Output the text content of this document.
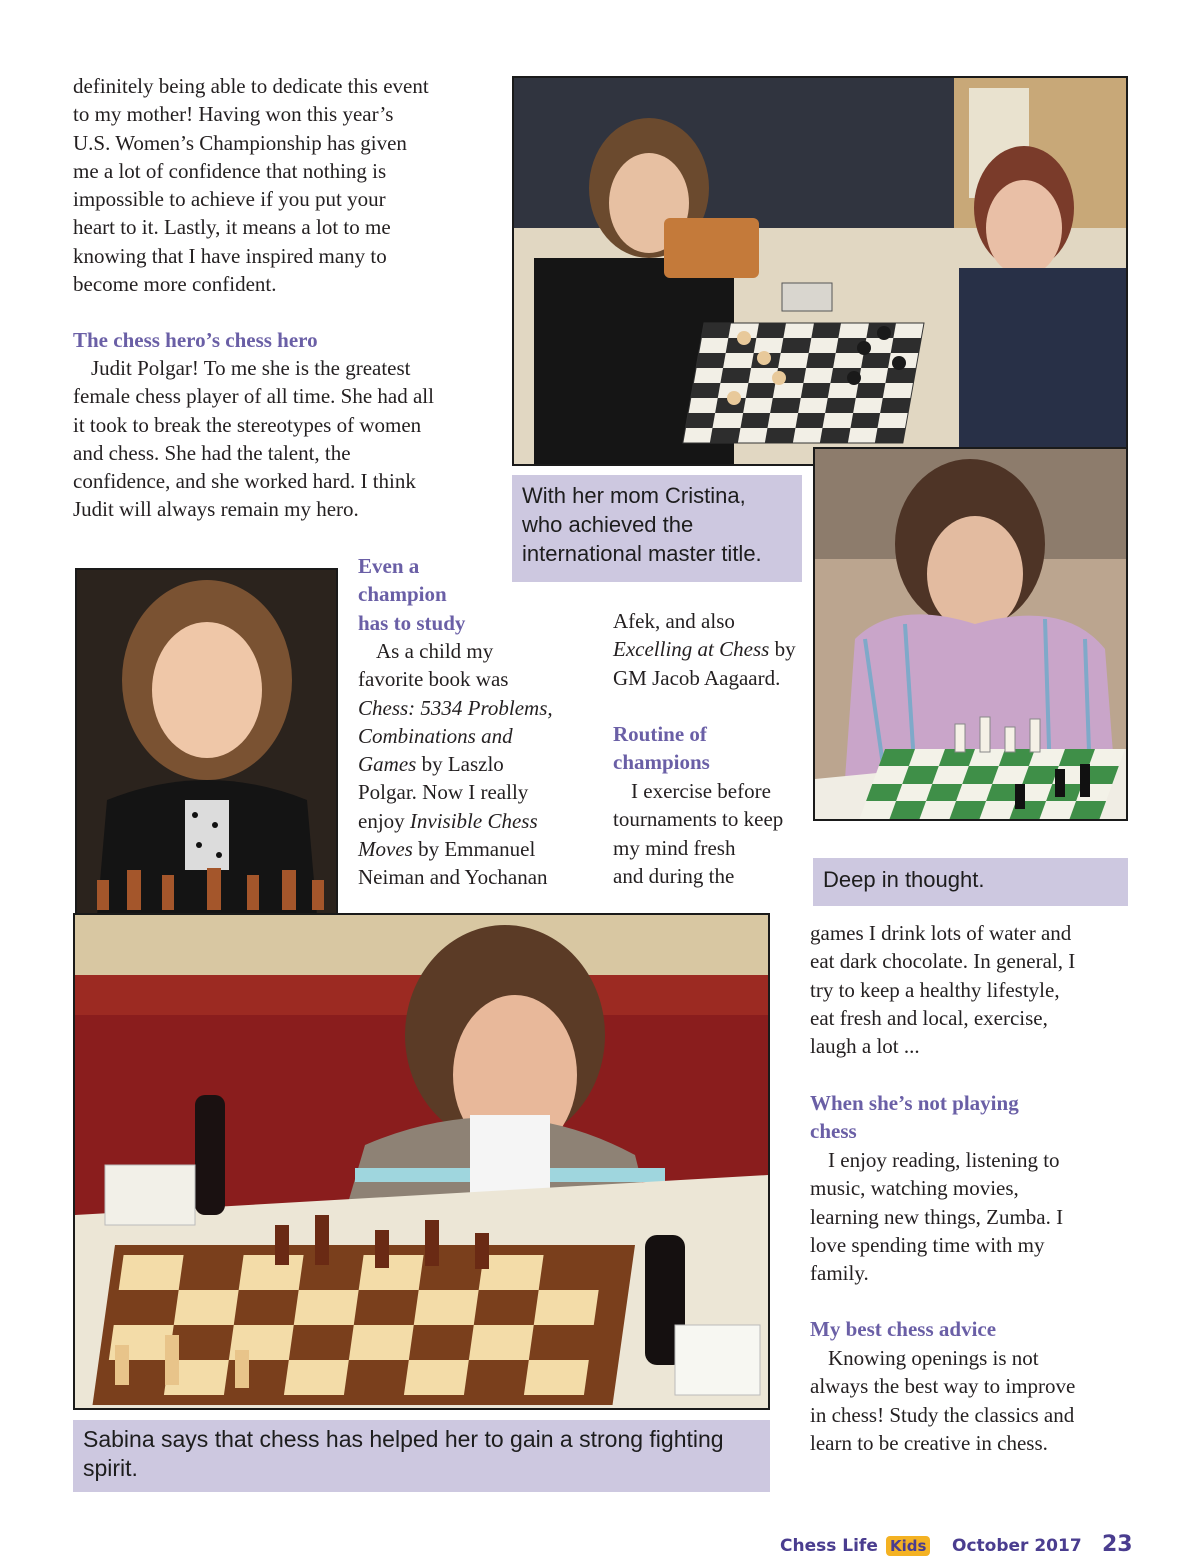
definitely being able to dedicate this event

to my mother! Having won this year’s

U.S. Women’s Championship has given

me a lot of confidence that nothing is

impossible to achieve if you put your

heart to it. Lastly, it means a lot to me

knowing that I have inspired many to

become more confident.

The chess hero’s chess hero

Judit Polgar! To me she is the greatest

female chess player of all time. She had all

it took to break the stereotypes of women

and chess. She had the talent, the

confidence, and she worked hard. I think

Judit will always remain my hero.

With her mom Cristina, who achieved the international master title.
Deep in thought.
Even a
champion
has to study

As a child my

favorite book was

Chess: 5334 Problems,

Combinations and

Games by Laszlo

Polgar. Now I really

enjoy Invisible Chess

Moves by Emmanuel

Neiman and Yochanan

Afek, and also

Excelling at Chess by

GM Jacob Aagaard.

Routine of
champions

I exercise before

tournaments to keep

my mind fresh

and during the

Sabina says that chess has helped her to gain a strong fighting spirit.

games I drink lots of water and

eat dark chocolate. In general, I

try to keep a healthy lifestyle,

eat fresh and local, exercise,

laugh a lot ...

When she’s not playing
chess

I enjoy reading, listening to

music, watching movies,

learning new things, Zumba. I

love spending time with my

family.

My best chess advice

Knowing openings is not

always the best way to improve

in chess! Study the classics and

learn to be creative in chess.

Chess Life Kids October 2017 23
